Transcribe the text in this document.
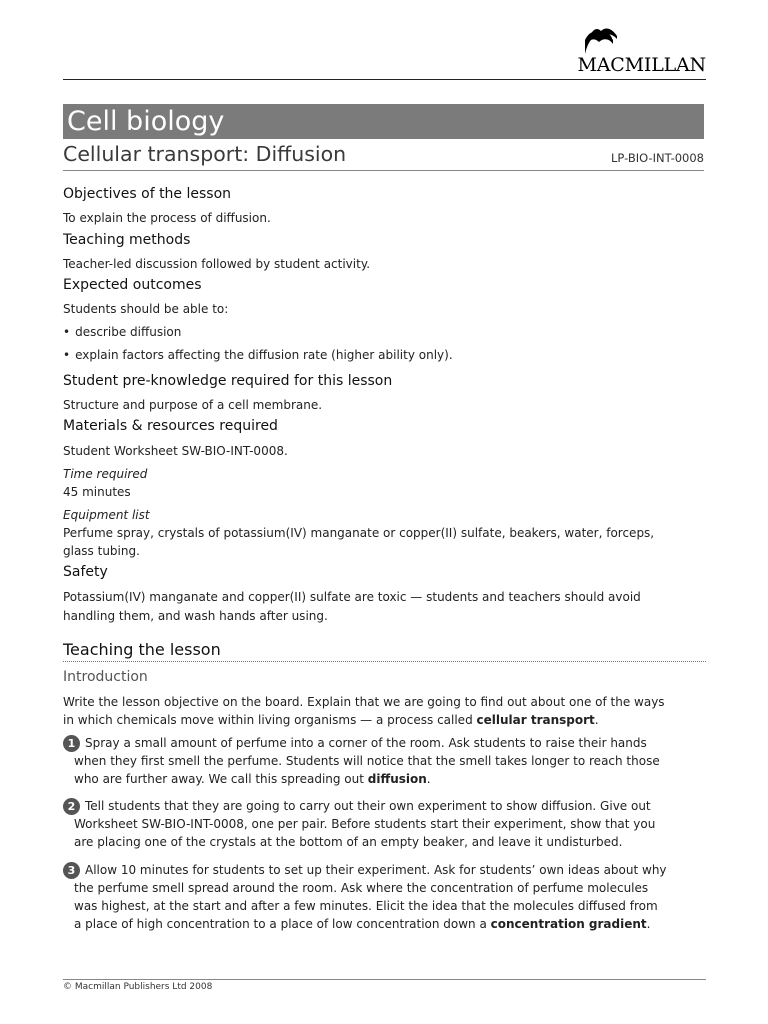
MACMILLAN
Cell biology
Cellular transport: Diffusion	LP-BIO-INT-0008
Objectives of the lesson
To explain the process of diffusion.
Teaching methods
Teacher-led discussion followed by student activity.
Expected outcomes
Students should be able to:
• describe diffusion
• explain factors affecting the diffusion rate (higher ability only).
Student pre-knowledge required for this lesson
Structure and purpose of a cell membrane.
Materials & resources required
Student Worksheet SW-BIO-INT-0008.
Time required
45 minutes
Equipment list
Perfume spray, crystals of potassium(IV) manganate or copper(II) sulfate, beakers, water, forceps,
glass tubing.
Safety
Potassium(IV) manganate and copper(II) sulfate are toxic — students and teachers should avoid
handling them, and wash hands after using.
Teaching the lesson
Introduction
Write the lesson objective on the board. Explain that we are going to find out about one of the ways
in which chemicals move within living organisms — a process called cellular transport.
1 Spray a small amount of perfume into a corner of the room. Ask students to raise their hands
when they first smell the perfume. Students will notice that the smell takes longer to reach those
who are further away. We call this spreading out diffusion.
2 Tell students that they are going to carry out their own experiment to show diffusion. Give out
Worksheet SW-BIO-INT-0008, one per pair. Before students start their experiment, show that you
are placing one of the crystals at the bottom of an empty beaker, and leave it undisturbed.
3 Allow 10 minutes for students to set up their experiment. Ask for students’ own ideas about why
the perfume smell spread around the room. Ask where the concentration of perfume molecules
was highest, at the start and after a few minutes. Elicit the idea that the molecules diffused from
a place of high concentration to a place of low concentration down a concentration gradient.
© Macmillan Publishers Ltd 2008
